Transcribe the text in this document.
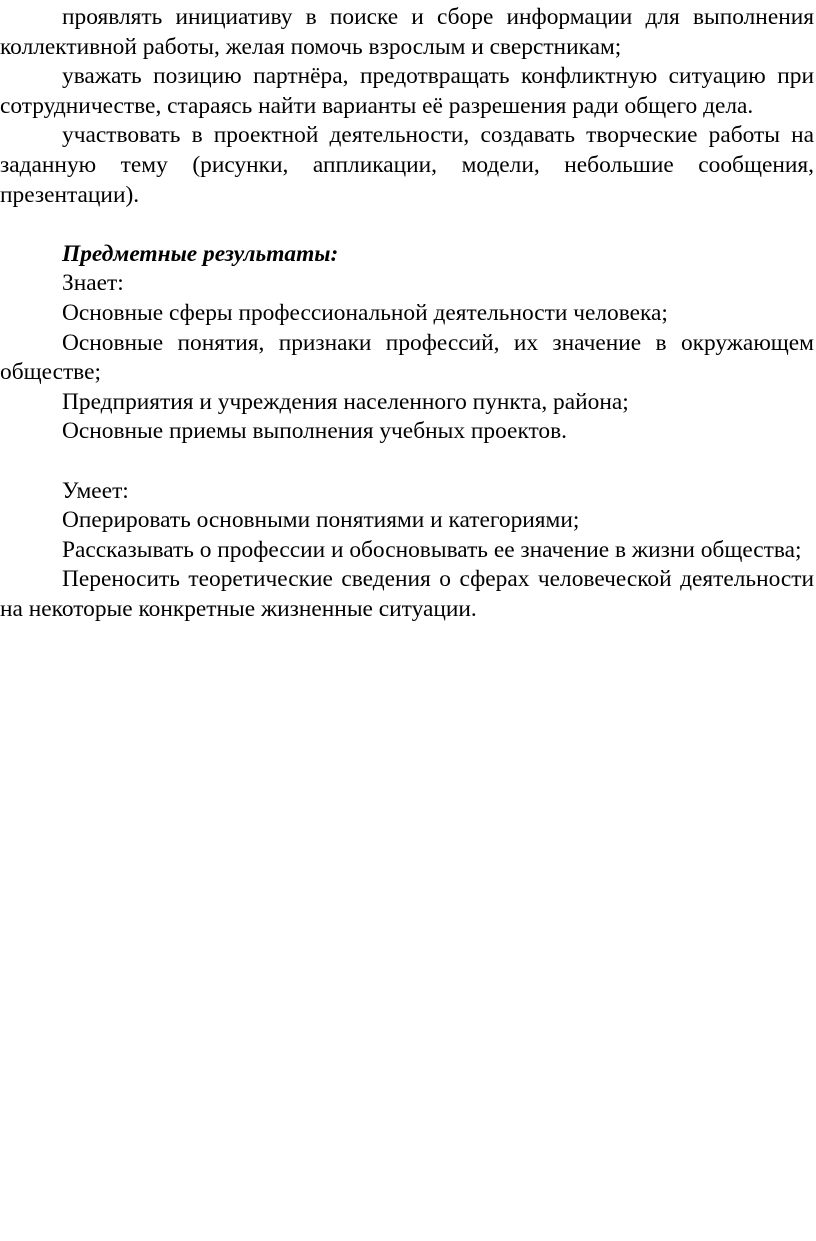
проявлять инициативу в поиске и сборе информации для выполнения коллективной работы, желая помочь взрослым и сверстникам;

уважать позицию партнёра, предотвращать конфликтную ситуацию при сотрудничестве, стараясь найти варианты её разрешения ради общего дела.

участвовать в проектной деятельности, создавать творческие работы на заданную тему (рисунки, аппликации, модели, небольшие сообщения, презентации).

Предметные результаты:

Знает:

Основные сферы профессиональной деятельности человека;

Основные понятия, признаки профессий, их значение в окружающем обществе;

Предприятия и учреждения населенного пункта, района;

Основные приемы выполнения учебных проектов.

Умеет:

Оперировать основными понятиями и категориями;

Рассказывать о профессии и обосновывать ее значение в жизни общества;

Переносить теоретические сведения о сферах человеческой деятельности на некоторые конкретные жизненные ситуации.
